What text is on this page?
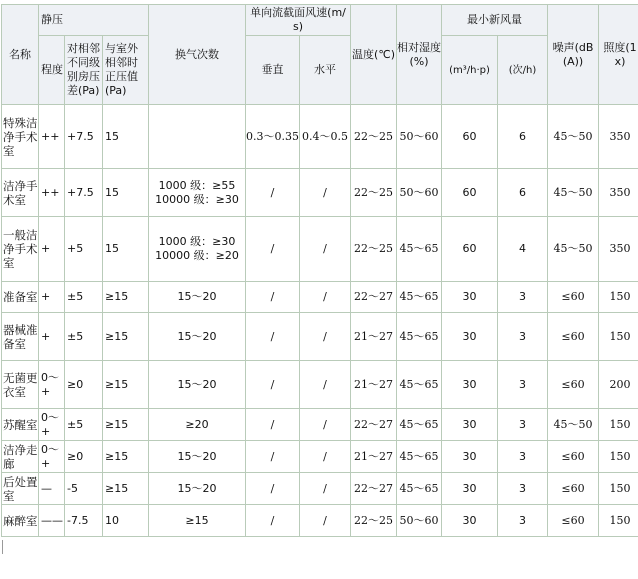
名称	静压			换气次数	单向流截面风速(m/s)		温度(℃)	相对湿度(%)	最小新风量		噪声(dB(A))	照度(1x)
	程度	对相邻不同级别房压差(Pa)	与室外相邻时正压值(Pa)		垂直	水平			(m³/h·p)	(次/h)		

特殊洁净手术室	++	+7.5	15		0.3～0.35	0.4～0.5	22～25	50～60	60	6	45～50	350
洁净手术室	++	+7.5	15	1000 级：≥55
10000 级：≥30	/	/	22～25	50～60	60	6	45～50	350
一般洁净手术室	+	+5	15	1000 级：≥30
10000 级：≥20	/	/	22～25	45～65	60	4	45～50	350
准备室	+	±5	≥15	15～20	/	/	22～27	45～65	30	3	≤60	150
器械准备室	+	±5	≥15	15～20	/	/	21～27	45～65	30	3	≤60	150
无菌更衣室	0～+	≥0	≥15	15～20	/	/	21～27	45～65	30	3	≤60	200
苏醒室	0～+	±5	≥15	≥20	/	/	22～27	45～65	30	3	45～50	150
洁净走廊	0～+	≥0	≥15	15～20	/	/	21～27	45～65	30	3	≤60	150
后处置室	—	-5	≥15	15～20	/	/	22～27	45～65	30	3	≤60	150
麻醉室	——	-7.5	10	≥15	/	/	22～25	50～60	30	3	≤60	150
